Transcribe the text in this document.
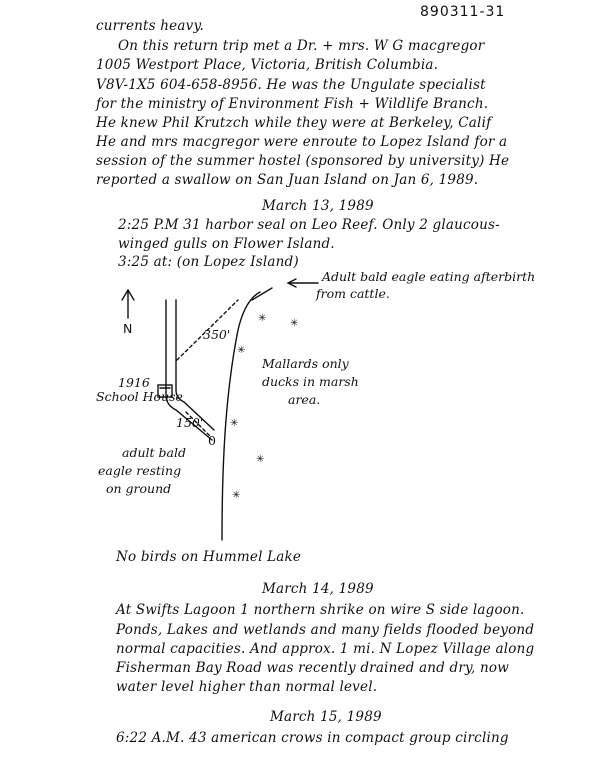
890311-31
currents heavy.
On this return trip met a Dr. + mrs. W G macgregor
1005 Westport Place, Victoria, British Columbia.
V8V-1X5 604-658-8956. He was the Ungulate specialist
for the ministry of Environment Fish + Wildlife Branch.
He knew Phil Krutzch while they were at Berkeley, Calif
He and mrs macgregor were enroute to Lopez Island for a
session of the summer hostel (sponsored by university) He
reported a swallow on San Juan Island on Jan 6, 1989.
March 13, 1989
2:25 P.M 31 harbor seal on Leo Reef. Only 2 glaucous-
winged gulls on Flower Island.
3:25 at: (on Lopez Island)
N	350'
150'
1916
School House
Adult bald eagle eating afterbirth
from cattle.
Mallards only
ducks in marsh
area.
adult bald
eagle resting
on ground
0
✳ ✳
✳
✳
✳
✳
No birds on Hummel Lake
March 14, 1989
At Swifts Lagoon 1 northern shrike on wire S side lagoon.
Ponds, Lakes and wetlands and many fields flooded beyond
normal capacities. And approx. 1 mi. N Lopez Village along
Fisherman Bay Road was recently drained and dry, now
water level higher than normal level.
March 15, 1989
6:22 A.M. 43 american crows in compact group circling
